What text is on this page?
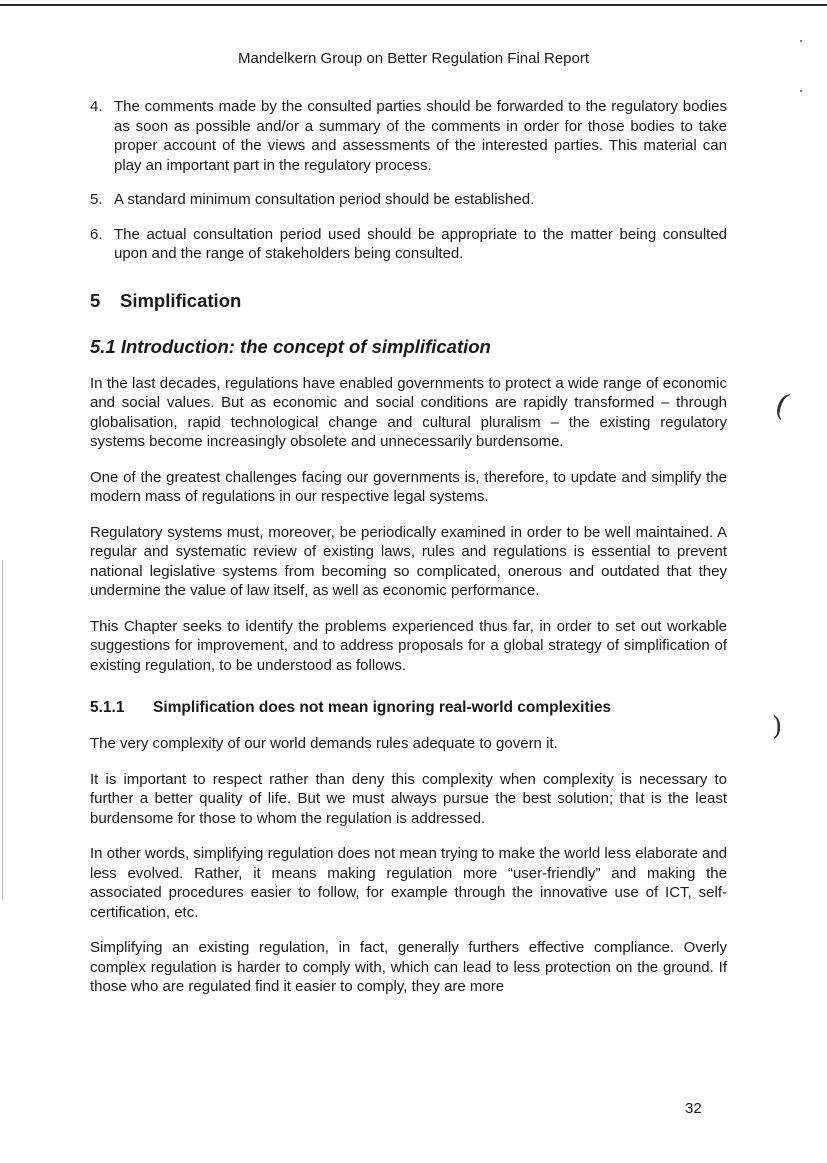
Mandelkern Group on Better Regulation Final Report
4. The comments made by the consulted parties should be forwarded to the regulatory bodies as soon as possible and/or a summary of the comments in order for those bodies to take proper account of the views and assessments of the interested parties. This material can play an important part in the regulatory process.

5. A standard minimum consultation period should be established.

6. The actual consultation period used should be appropriate to the matter being consulted upon and the range of stakeholders being consulted.

5	Simplification
5.1 Introduction: the concept of simplification

In the last decades, regulations have enabled governments to protect a wide range of economic and social values. But as economic and social conditions are rapidly transformed – through globalisation, rapid technological change and cultural pluralism – the existing regulatory systems become increasingly obsolete and unnecessarily burdensome.

One of the greatest challenges facing our governments is, therefore, to update and simplify the modern mass of regulations in our respective legal systems.

Regulatory systems must, moreover, be periodically examined in order to be well maintained. A regular and systematic review of existing laws, rules and regulations is essential to prevent national legislative systems from becoming so complicated, onerous and outdated that they undermine the value of law itself, as well as economic performance.

This Chapter seeks to identify the problems experienced thus far, in order to set out workable suggestions for improvement, and to address proposals for a global strategy of simplification of existing regulation, to be understood as follows.

5.1.1	Simplification does not mean ignoring real-world complexities

The very complexity of our world demands rules adequate to govern it.

It is important to respect rather than deny this complexity when complexity is necessary to further a better quality of life. But we must always pursue the best solution; that is the least burdensome for those to whom the regulation is addressed.

In other words, simplifying regulation does not mean trying to make the world less elaborate and less evolved. Rather, it means making regulation more “user-friendly” and making the associated procedures easier to follow, for example through the innovative use of ICT, self-certification, etc.

Simplifying an existing regulation, in fact, generally furthers effective compliance. Overly complex regulation is harder to comply with, which can lead to less protection on the ground. If those who are regulated find it easier to comply, they are more

(
)
32
